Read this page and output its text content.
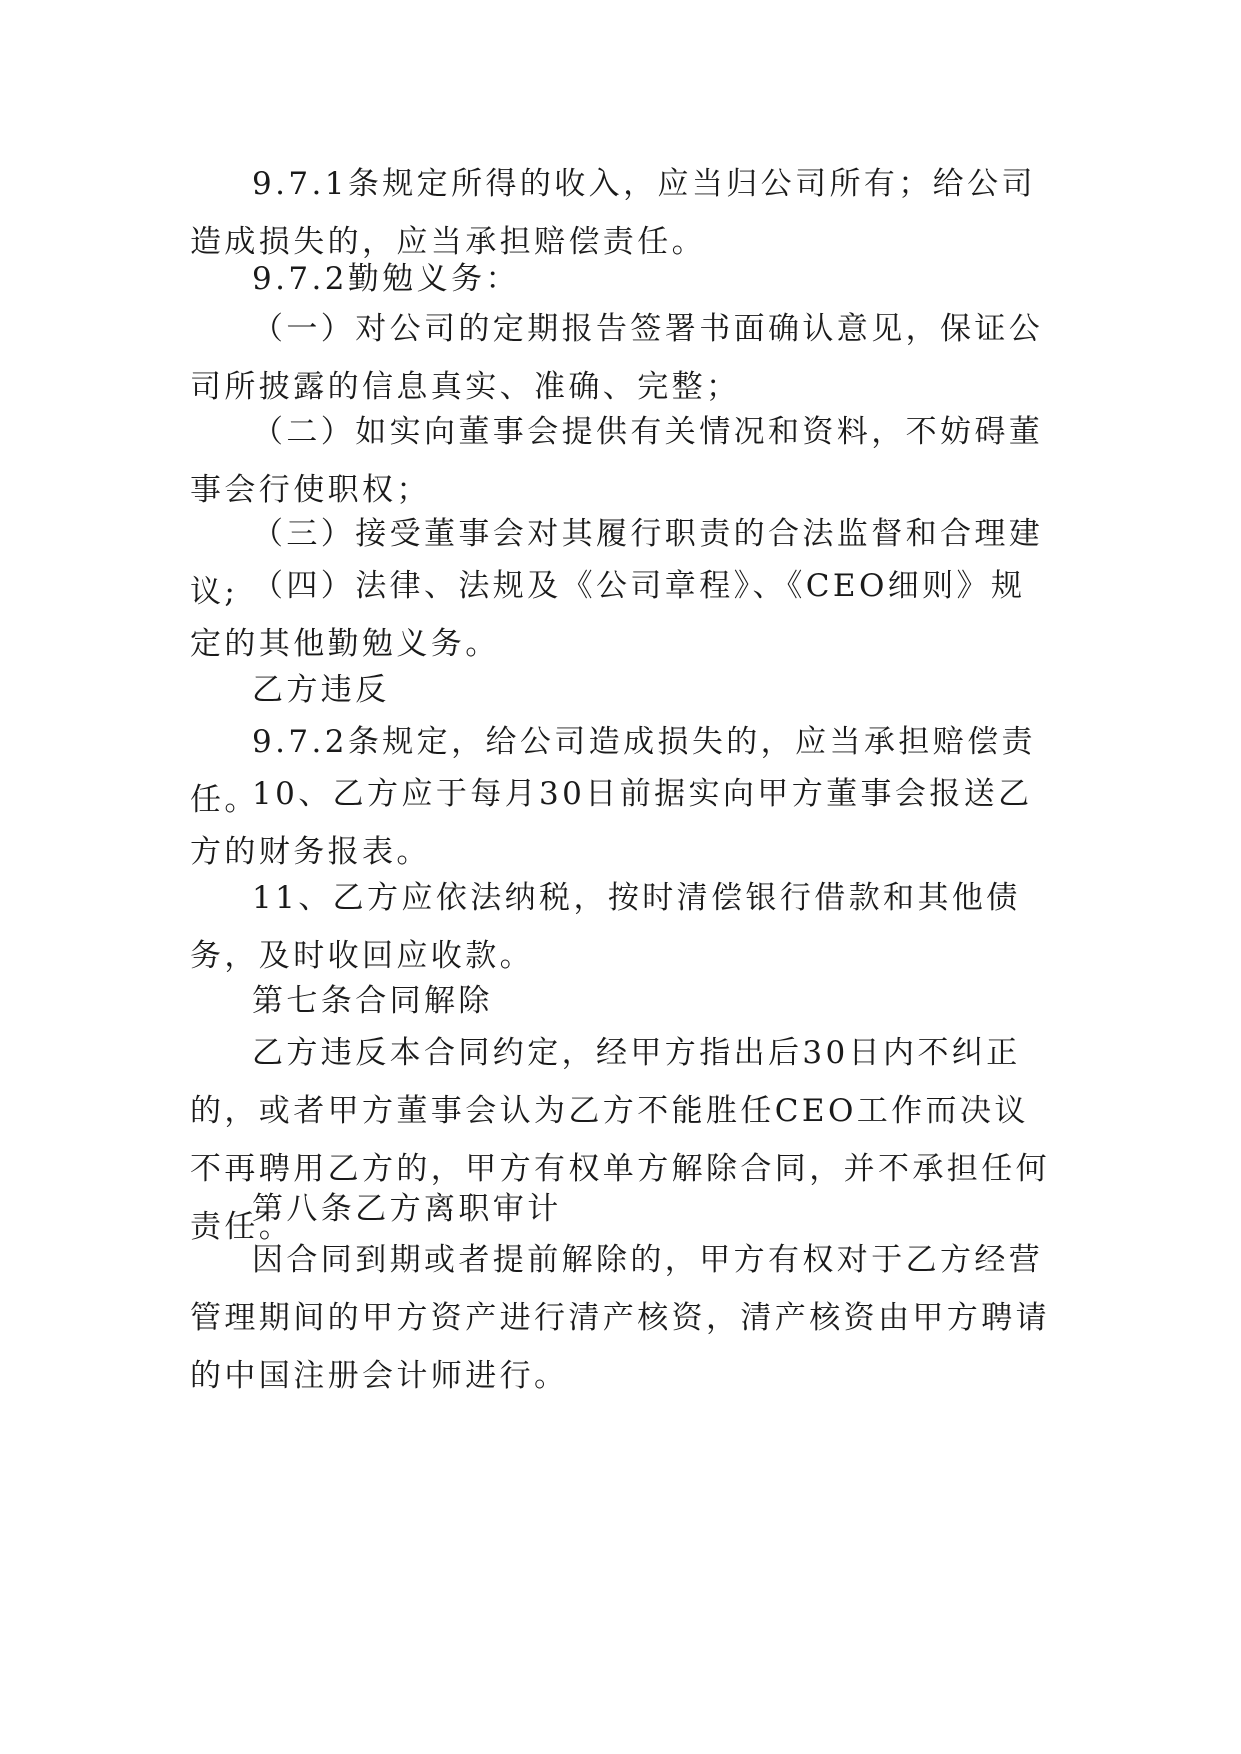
9.7.1条规定所得的收入，应当归公司所有；给公司造成损失的，应当承担赔偿责任。

9.7.2勤勉义务：

（一）对公司的定期报告签署书面确认意见，保证公司所披露的信息真实、准确、完整；

（二）如实向董事会提供有关情况和资料，不妨碍董事会行使职权；

（三）接受董事会对其履行职责的合法监督和合理建议; （四）法律、法规及《公司章程》、《CEO细则》规定的其他勤勉义务。

乙方违反

9.7.2条规定，给公司造成损失的，应当承担赔偿责任。

10、乙方应于每月30日前据实向甲方董事会报送乙方的财务报表。

11、乙方应依法纳税，按时清偿银行借款和其他债务，及时收回应收款。

第七条合同解除

乙方违反本合同约定，经甲方指出后30日内不纠正的，或者甲方董事会认为乙方不能胜任CEO工作而决议不再聘用乙方的，甲方有权单方解除合同，并不承担任何责任。

第八条乙方离职审计

因合同到期或者提前解除的，甲方有权对于乙方经营管理期间的甲方资产进行清产核资，清产核资由甲方聘请的中国注册会计师进行。
